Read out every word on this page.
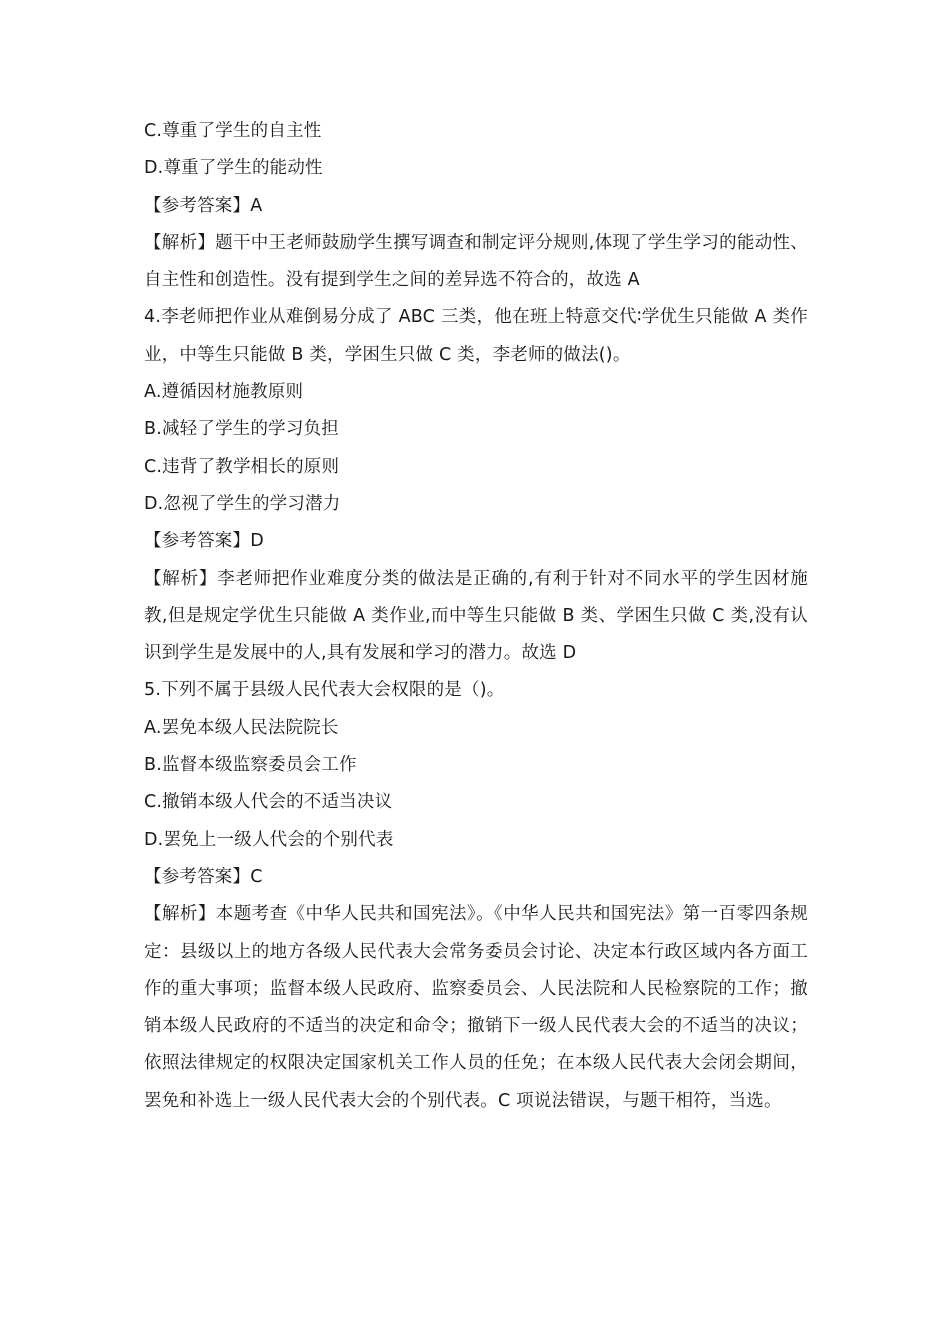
C.尊重了学生的自主性
D.尊重了学生的能动性
【参考答案】A
【解析】题干中王老师鼓励学生撰写调查和制定评分规则,体现了学生学习的能动性、自主性和创造性。没有提到学生之间的差异选不符合的，故选 A
4.李老师把作业从难倒易分成了 ABC 三类，他在班上特意交代∶学优生只能做 A 类作业，中等生只能做 B 类，学困生只做 C 类，李老师的做法()。
A.遵循因材施教原则
B.减轻了学生的学习负担
C.违背了教学相长的原则
D.忽视了学生的学习潜力
【参考答案】D
【解析】李老师把作业难度分类的做法是正确的,有利于针对不同水平的学生因材施教,但是规定学优生只能做 A 类作业,而中等生只能做 B 类、学困生只做 C 类,没有认识到学生是发展中的人,具有发展和学习的潜力。故选 D
5.下列不属于县级人民代表大会权限的是（)。
A.罢免本级人民法院院长
B.监督本级监察委员会工作
C.撤销本级人代会的不适当决议
D.罢免上一级人代会的个别代表
【参考答案】C
【解析】本题考查《中华人民共和国宪法》。《中华人民共和国宪法》第一百零四条规定：县级以上的地方各级人民代表大会常务委员会讨论、决定本行政区域内各方面工作的重大事项；监督本级人民政府、监察委员会、人民法院和人民检察院的工作；撤销本级人民政府的不适当的决定和命令；撤销下一级人民代表大会的不适当的决议；依照法律规定的权限决定国家机关工作人员的任免；在本级人民代表大会闭会期间，罢免和补选上一级人民代表大会的个别代表。C 项说法错误，与题干相符，当选。
